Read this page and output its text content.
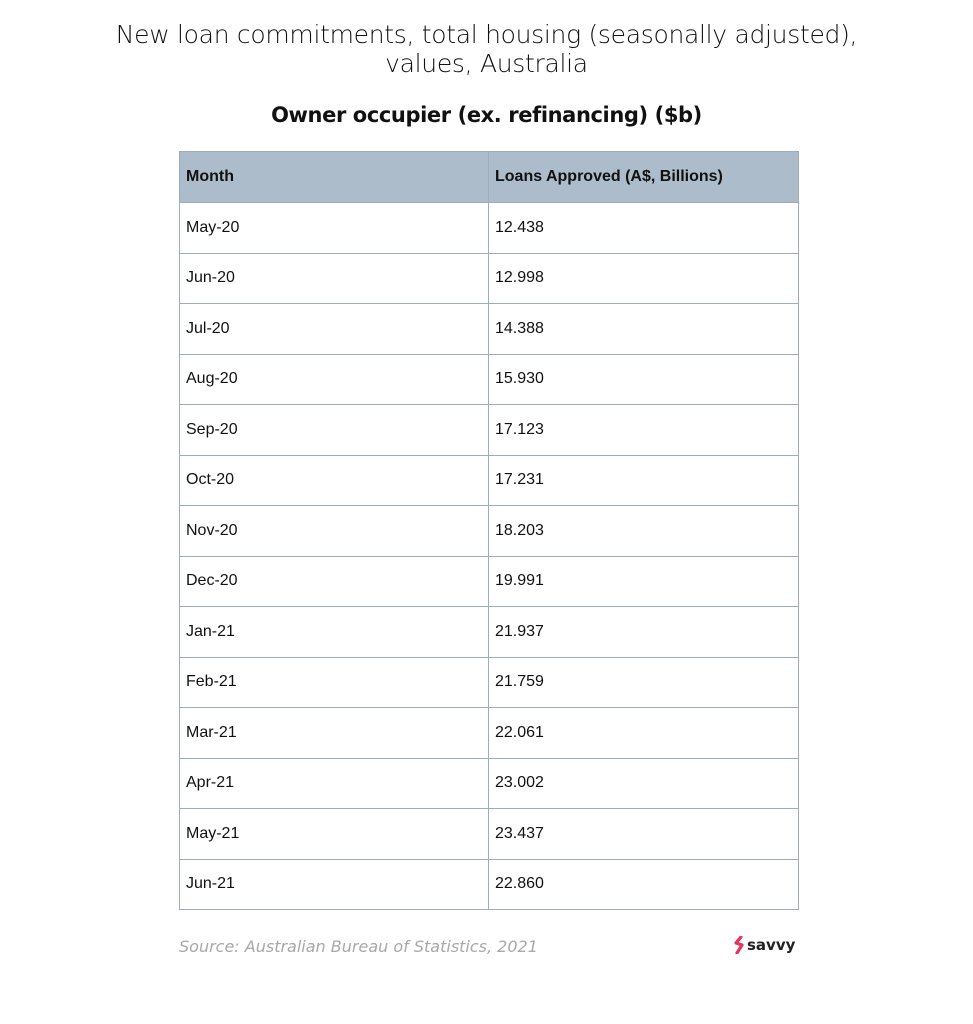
New loan commitments, total housing (seasonally adjusted),
values, Australia
Owner occupier (ex. refinancing) ($b)
Month	Loans Approved (A$, Billions)
May-20	12.438
Jun-20	12.998
Jul-20	14.388
Aug-20	15.930
Sep-20	17.123
Oct-20	17.231
Nov-20	18.203
Dec-20	19.991
Jan-21	21.937
Feb-21	21.759
Mar-21	22.061
Apr-21	23.002
May-21	23.437
Jun-21	22.860
Source: Australian Bureau of Statistics, 2021	savvy
